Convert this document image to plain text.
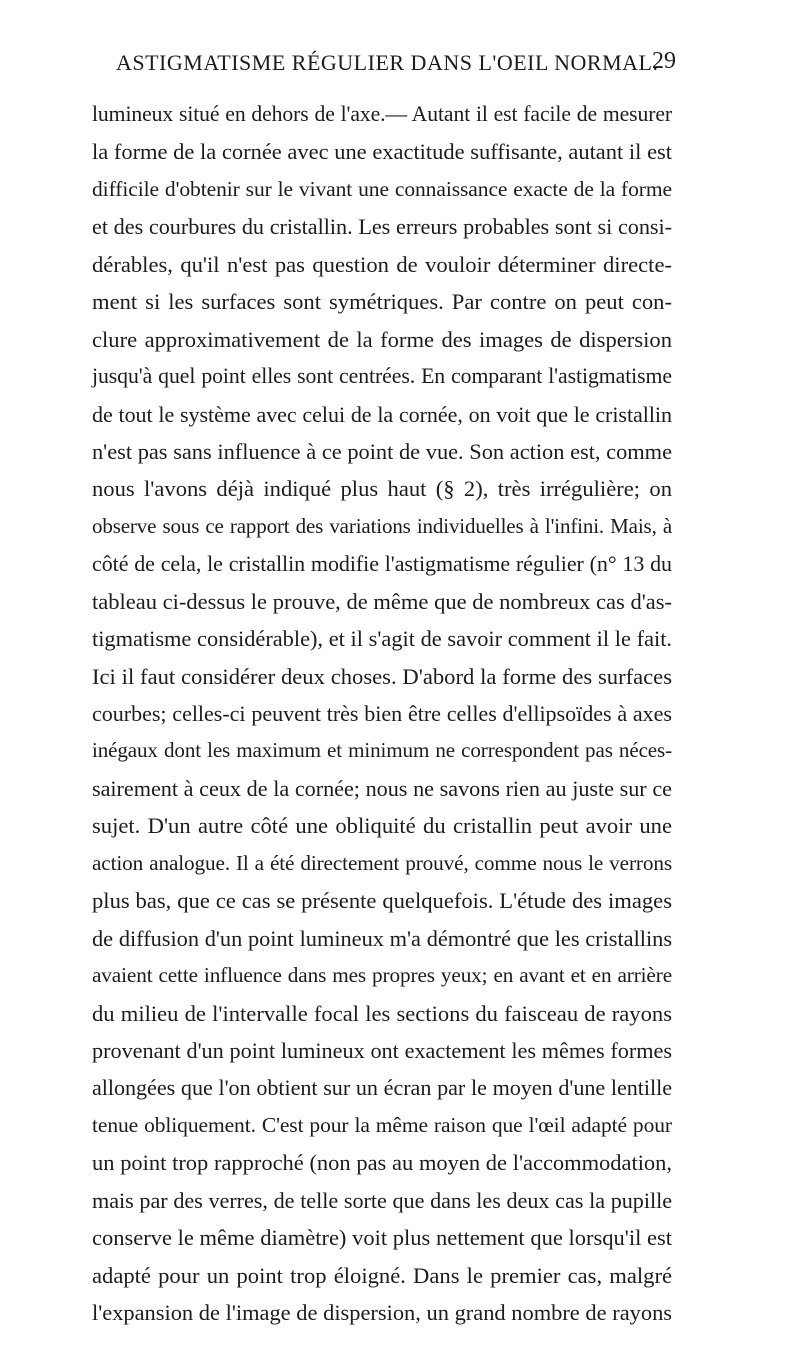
ASTIGMATISME RÉGULIER DANS L'OEIL NORMAL.
29
lumineux situé en dehors de l'axe.— Autant il est facile de mesurer
la forme de la cornée avec une exactitude suffisante, autant il est
difficile d'obtenir sur le vivant une connaissance exacte de la forme
et des courbures du cristallin. Les erreurs probables sont si consi-
dérables, qu'il n'est pas question de vouloir déterminer directe-
ment si les surfaces sont symétriques. Par contre on peut con-
clure approximativement de la forme des images de dispersion
jusqu'à quel point elles sont centrées. En comparant l'astigmatisme
de tout le système avec celui de la cornée, on voit que le cristallin
n'est pas sans influence à ce point de vue. Son action est, comme
nous l'avons déjà indiqué plus haut (§ 2), très irrégulière; on
observe sous ce rapport des variations individuelles à l'infini. Mais, à
côté de cela, le cristallin modifie l'astigmatisme régulier (n° 13 du
tableau ci-dessus le prouve, de même que de nombreux cas d'as-
tigmatisme considérable), et il s'agit de savoir comment il le fait.
Ici il faut considérer deux choses. D'abord la forme des surfaces
courbes; celles-ci peuvent très bien être celles d'ellipsoïdes à axes
inégaux dont les maximum et minimum ne correspondent pas néces-
sairement à ceux de la cornée; nous ne savons rien au juste sur ce
sujet. D'un autre côté une obliquité du cristallin peut avoir une
action analogue. Il a été directement prouvé, comme nous le verrons
plus bas, que ce cas se présente quelquefois. L'étude des images
de diffusion d'un point lumineux m'a démontré que les cristallins
avaient cette influence dans mes propres yeux; en avant et en arrière
du milieu de l'intervalle focal les sections du faisceau de rayons
provenant d'un point lumineux ont exactement les mêmes formes
allongées que l'on obtient sur un écran par le moyen d'une lentille
tenue obliquement. C'est pour la même raison que l'œil adapté pour
un point trop rapproché (non pas au moyen de l'accommodation,
mais par des verres, de telle sorte que dans les deux cas la pupille
conserve le même diamètre) voit plus nettement que lorsqu'il est
adapté pour un point trop éloigné. Dans le premier cas, malgré
l'expansion de l'image de dispersion, un grand nombre de rayons
